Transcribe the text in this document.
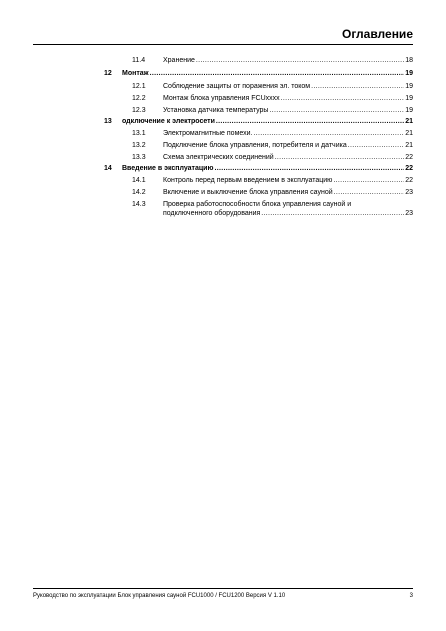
Оглавление
11.4	Хранение .....	18
12 Монтаж .....	19
12.1 Соблюдение защиты от поражения эл. током .....	19
12.2 Монтаж блока управления FCUxxxx .....	19
12.3 Установка датчика температуры .....	19
13 одключение к электросети .....	21
13.1 Электромагнитные помехи. .....	21
13.2 Подключение блока управления, потребителя и датчика .....	21
13.3 Схема электрических соединений .....	22
14 Введение в эксплуатацию .....	22
14.1 Контроль перед первым введением в эксплуатацию .....	22
14.2 Включение и выключение блока управления сауной .....	23
14.3 Проверка работоспособности блока управления сауной и
подключенного оборудования .....	23
Руководство по эксплуатации Блок управления сауной FCU1000 / FCU1200 Версия V 1.10	3
